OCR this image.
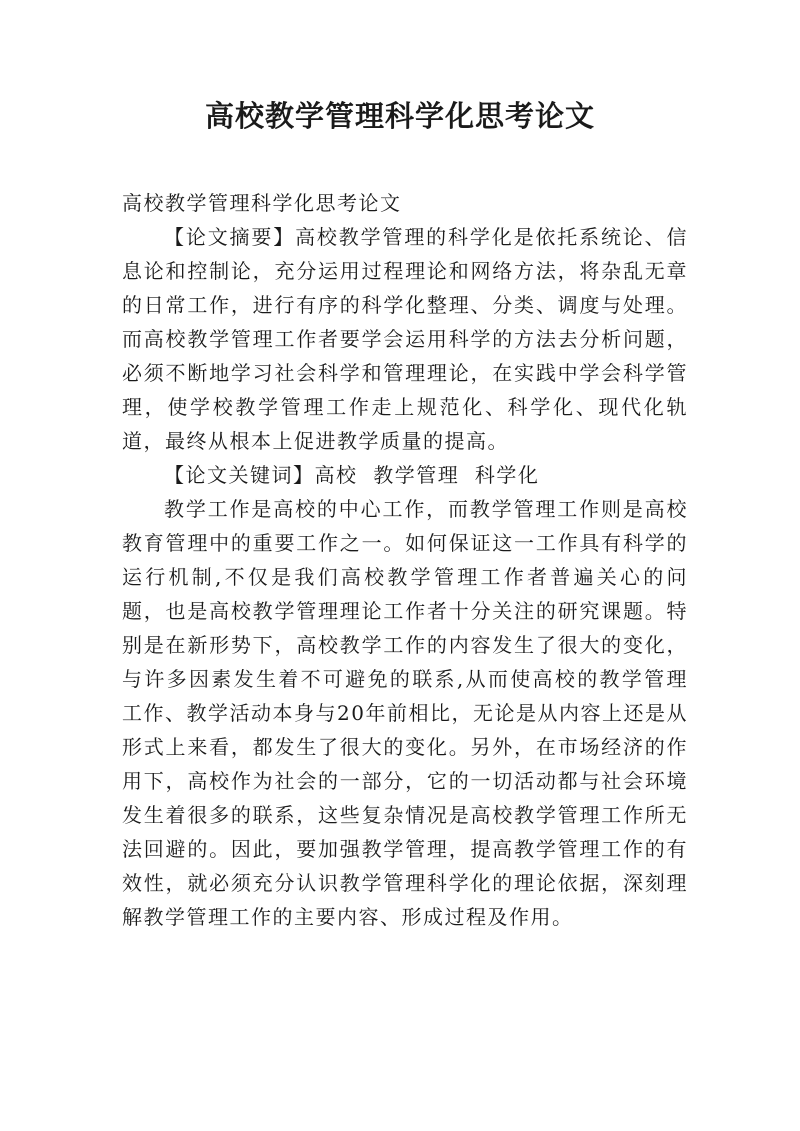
高校教学管理科学化思考论文

高校教学管理科学化思考论文

【论文摘要】高校教学管理的科学化是依托系统论、信息论和控制论，充分运用过程理论和网络方法，将杂乱无章的日常工作，进行有序的科学化整理、分类、调度与处理。而高校教学管理工作者要学会运用科学的方法去分析问题，必须不断地学习社会科学和管理理论，在实践中学会科学管理，使学校教学管理工作走上规范化、科学化、现代化轨道，最终从根本上促进教学质量的提高。

【论文关键词】高校  教学管理  科学化

教学工作是高校的中心工作，而教学管理工作则是高校教育管理中的重要工作之一。如何保证这一工作具有科学的运行机制,不仅是我们高校教学管理工作者普遍关心的问题，也是高校教学管理理论工作者十分关注的研究课题。特别是在新形势下，高校教学工作的内容发生了很大的变化，与许多因素发生着不可避免的联系,从而使高校的教学管理工作、教学活动本身与20年前相比，无论是从内容上还是从形式上来看，都发生了很大的变化。另外，在市场经济的作用下，高校作为社会的一部分，它的一切活动都与社会环境发生着很多的联系，这些复杂情况是高校教学管理工作所无法回避的。因此，要加强教学管理，提高教学管理工作的有效性，就必须充分认识教学管理科学化的理论依据，深刻理解教学管理工作的主要内容、形成过程及作用。
